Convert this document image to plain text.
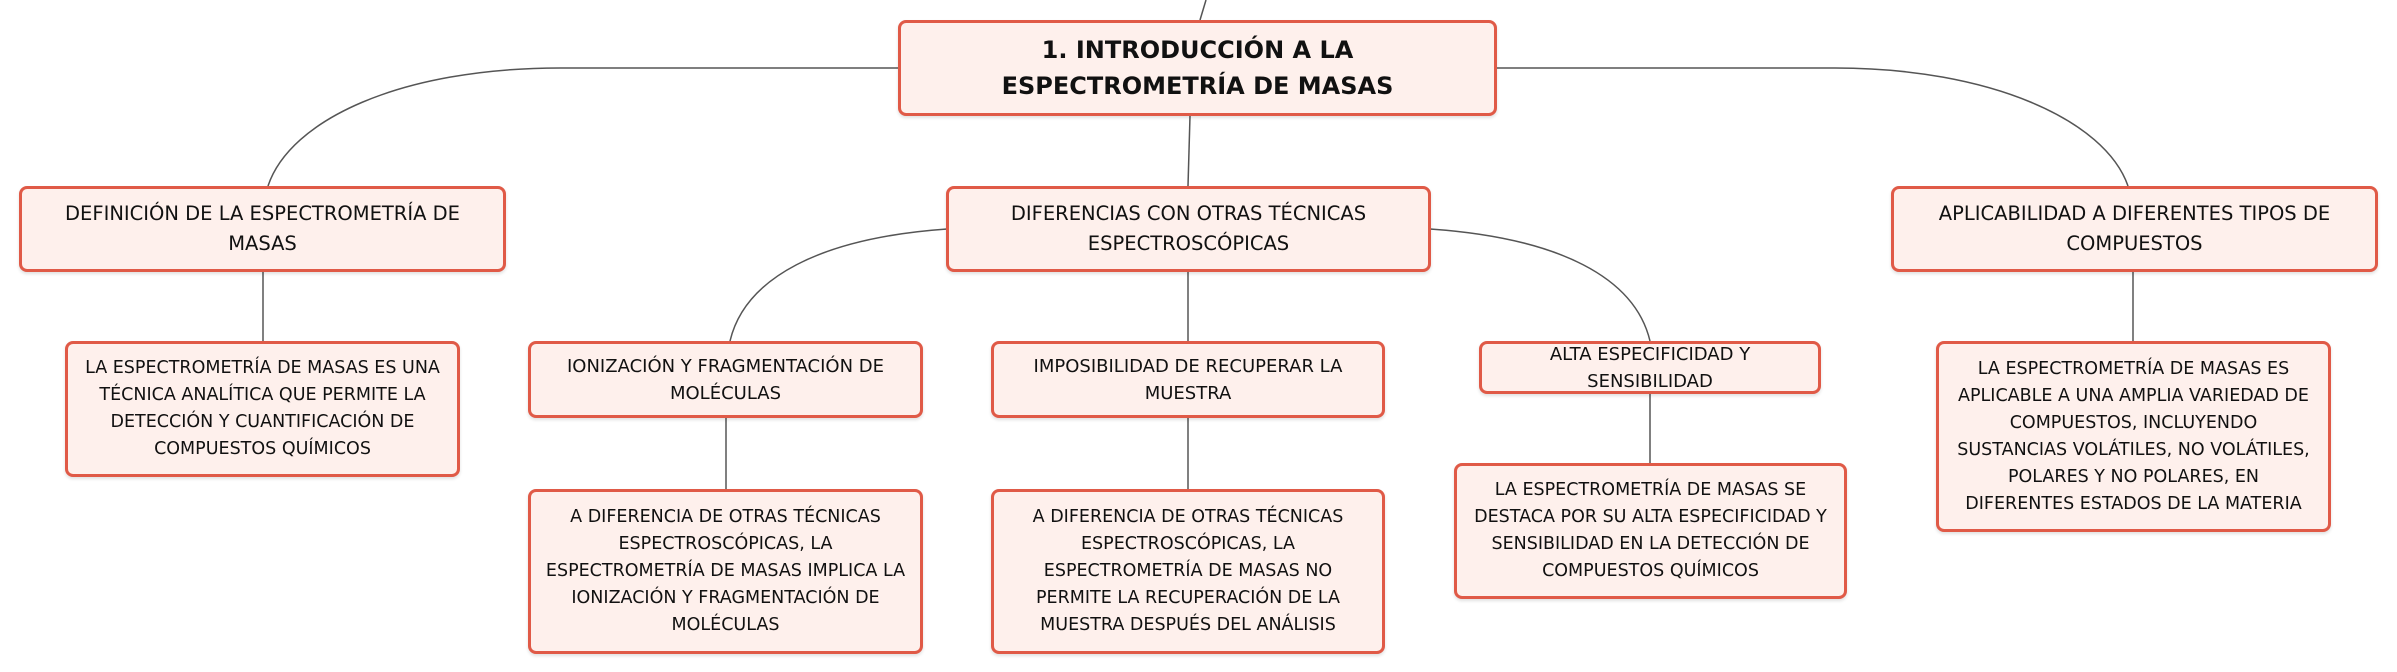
1. INTRODUCCIÓN A LA ESPECTROMETRÍA DE MASAS
DEFINICIÓN DE LA ESPECTROMETRÍA DE MASAS
DIFERENCIAS CON OTRAS TÉCNICAS ESPECTROSCÓPICAS
APLICABILIDAD A DIFERENTES TIPOS DE COMPUESTOS
IONIZACIÓN Y FRAGMENTACIÓN DE MOLÉCULAS
IMPOSIBILIDAD DE RECUPERAR LA MUESTRA
ALTA ESPECIFICIDAD Y SENSIBILIDAD
LA ESPECTROMETRÍA DE MASAS ES UNA TÉCNICA ANALÍTICA QUE PERMITE LA DETECCIÓN Y CUANTIFICACIÓN DE COMPUESTOS QUÍMICOS
A DIFERENCIA DE OTRAS TÉCNICAS ESPECTROSCÓPICAS, LA ESPECTROMETRÍA DE MASAS IMPLICA LA IONIZACIÓN Y FRAGMENTACIÓN DE MOLÉCULAS
A DIFERENCIA DE OTRAS TÉCNICAS ESPECTROSCÓPICAS, LA ESPECTROMETRÍA DE MASAS NO PERMITE LA RECUPERACIÓN DE LA MUESTRA DESPUÉS DEL ANÁLISIS
LA ESPECTROMETRÍA DE MASAS SE DESTACA POR SU ALTA ESPECIFICIDAD Y SENSIBILIDAD EN LA DETECCIÓN DE COMPUESTOS QUÍMICOS
LA ESPECTROMETRÍA DE MASAS ES APLICABLE A UNA AMPLIA VARIEDAD DE COMPUESTOS, INCLUYENDO SUSTANCIAS VOLÁTILES, NO VOLÁTILES, POLARES Y NO POLARES, EN DIFERENTES ESTADOS DE LA MATERIA
